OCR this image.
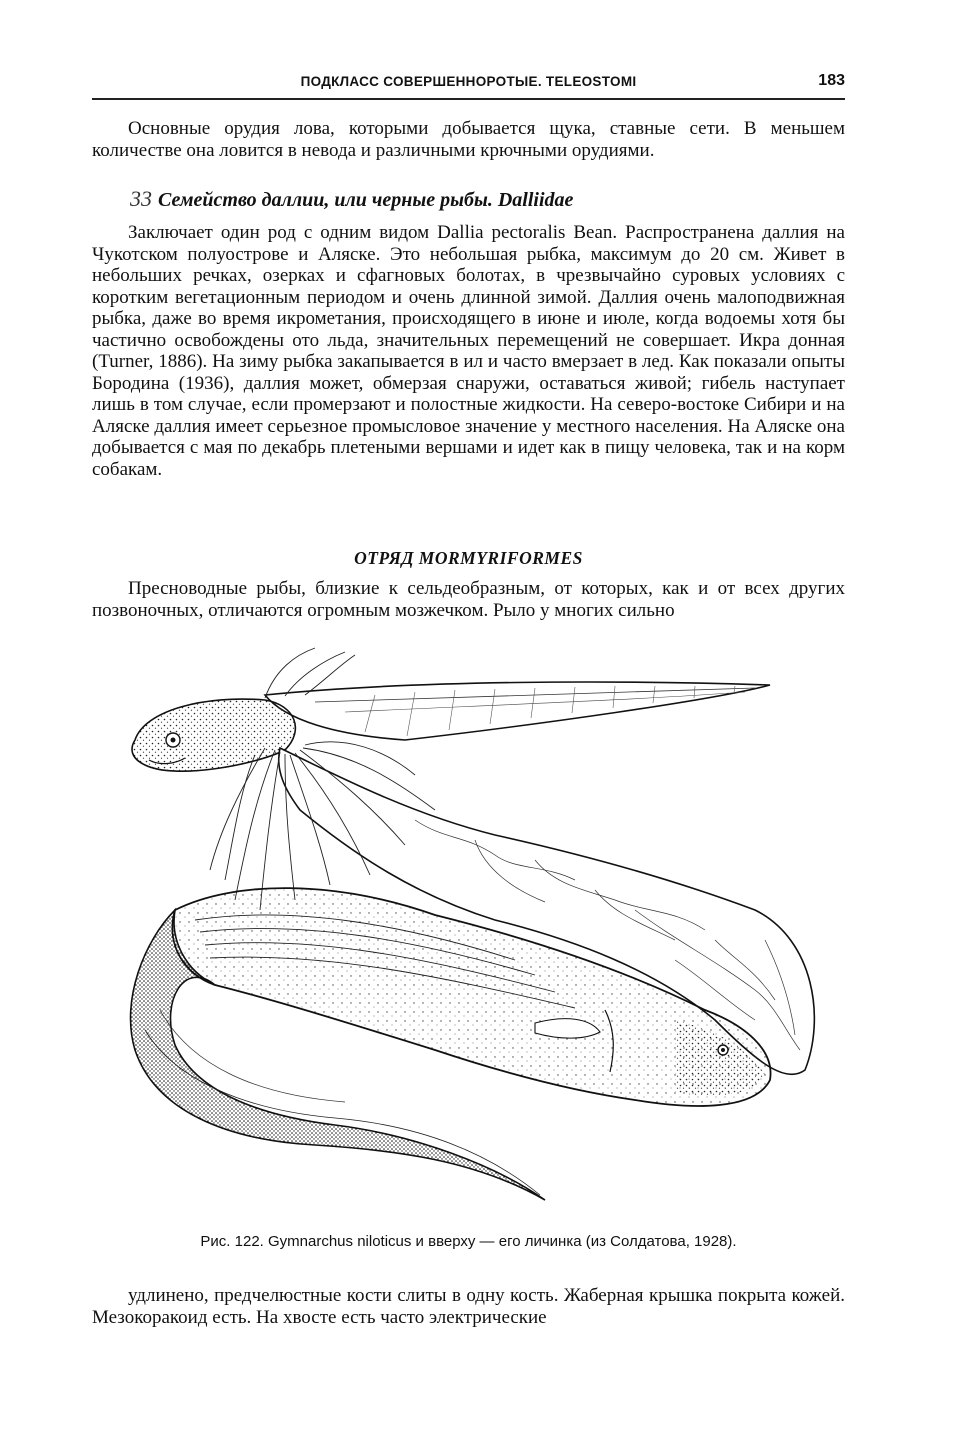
ПОДКЛАСС СОВЕРШЕННОРОТЫЕ. TELEOSTOMI	183

Основные орудия лова, которыми добывается щука, ставные сети. В меньшем количестве она ловится в невода и различными крючными орудиями.

33 Семейство даллии, или черные рыбы. Dalliidae

Заключает один род с одним видом Dallia pectoralis Bean. Распространена даллия на Чукотском полуострове и Аляске. Это небольшая рыбка, максимум до 20 см. Живет в небольших речках, озерках и сфагновых болотах, в чрезвычайно суровых условиях с коротким вегетационным периодом и очень длинной зимой. Даллия очень малоподвижная рыбка, даже во время икрометания, происходящего в июне и июле, когда водоемы хотя бы частично освобождены ото льда, значительных перемещений не совершает. Икра донная (Turner, 1886). На зиму рыбка закапывается в ил и часто вмерзает в лед. Как показали опыты Бородина (1936), даллия может, обмерзая снаружи, оставаться живой; гибель наступает лишь в том случае, если промерзают и полостные жидкости. На северо-востоке Сибири и на Аляске даллия имеет серьезное промысловое значение у местного населения. На Аляске она добывается с мая по декабрь плетеными вершами и идет как в пищу человека, так и на корм собакам.

ОТРЯД MORMYRIFORMES

Пресноводные рыбы, близкие к сельдеобразным, от которых, как и от всех других позвоночных, отличаются огромным мозжечком. Рыло у многих сильно

Рис. 122. Gymnarchus niloticus и вверху — его личинка (из Солдатова, 1928).

удлинено, предчелюстные кости слиты в одну кость. Жаберная крышка покрыта кожей. Мезокоракоид есть. На хвосте есть часто электрические
